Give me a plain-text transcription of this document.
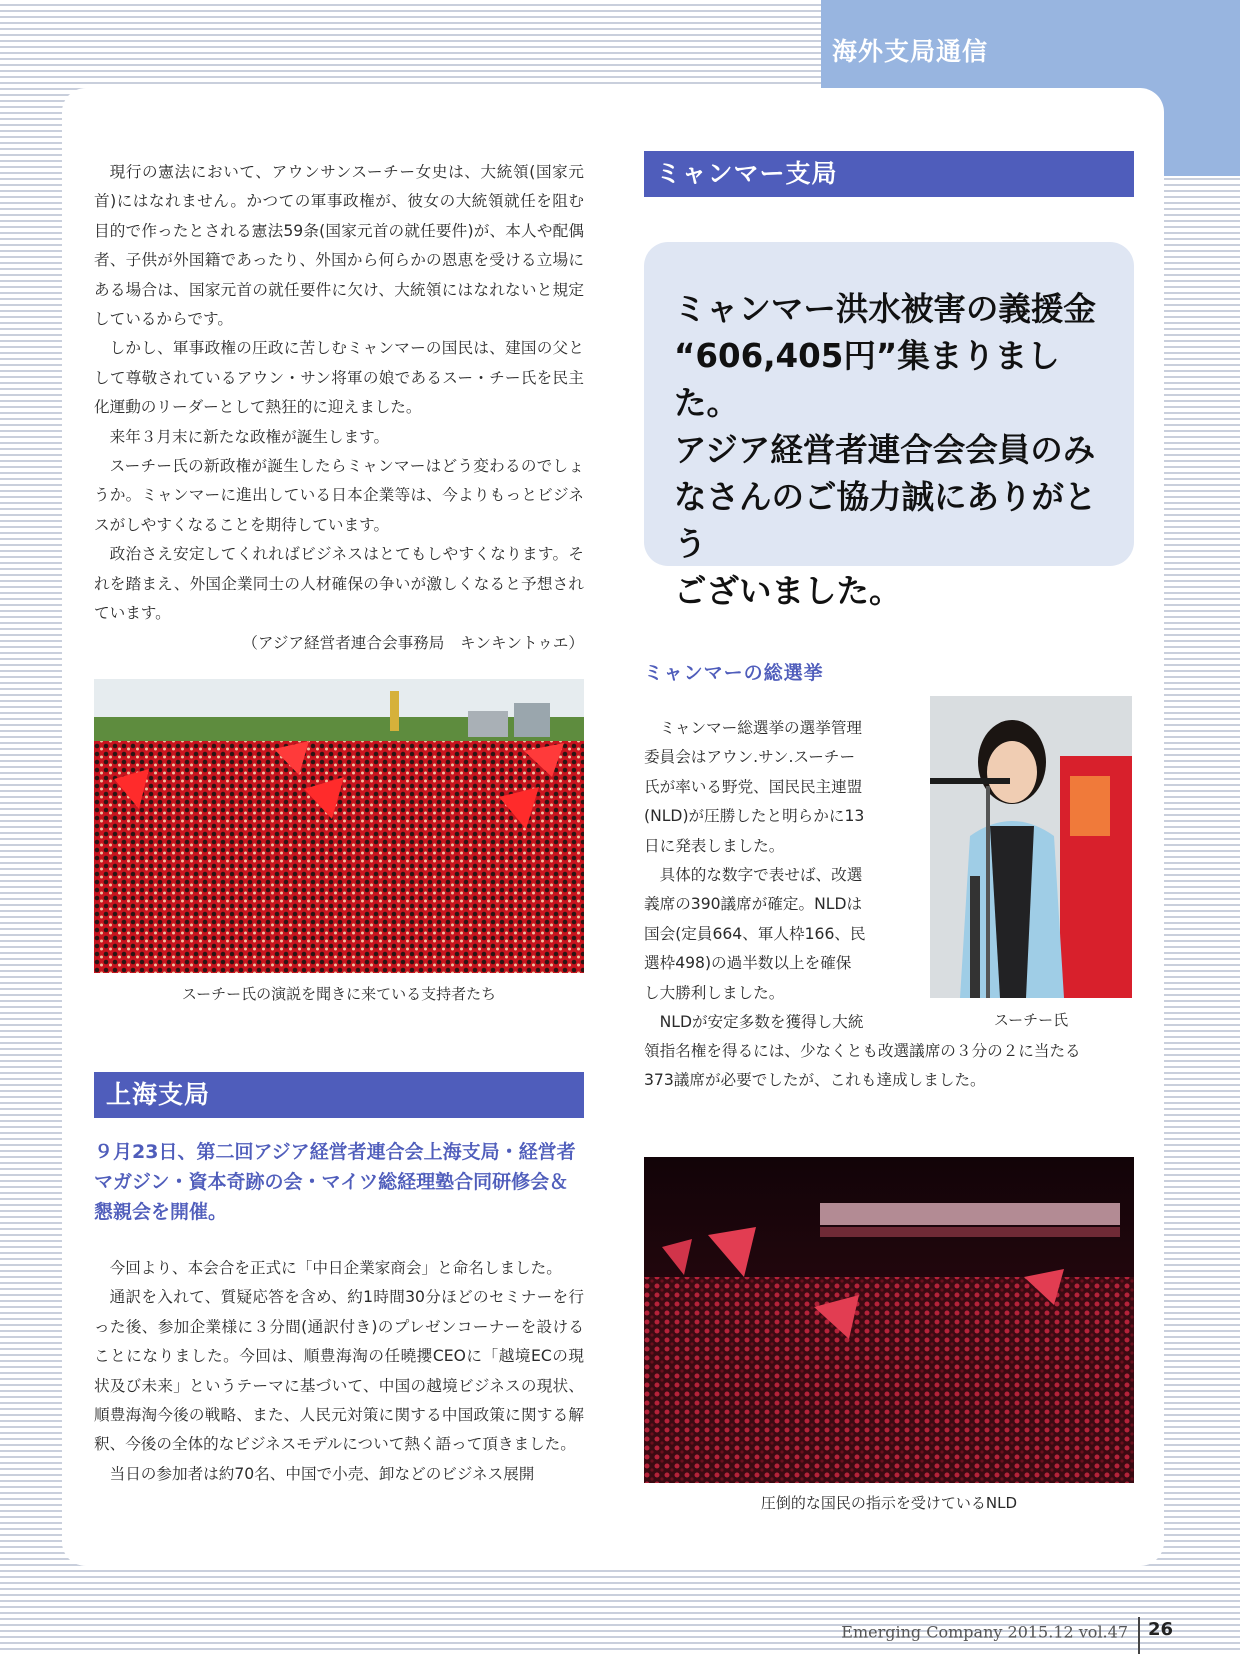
海外支局通信

現行の憲法において、アウンサンスーチー女史は、大統領(国家元首)にはなれません。かつての軍事政権が、彼女の大統領就任を阻む目的で作ったとされる憲法59条(国家元首の就任要件)が、本人や配偶者、子供が外国籍であったり、外国から何らかの恩恵を受ける立場にある場合は、国家元首の就任要件に欠け、大統領にはなれないと規定しているからです。

しかし、軍事政権の圧政に苦しむミャンマーの国民は、建国の父として尊敬されているアウン・サン将軍の娘であるスー・チー氏を民主化運動のリーダーとして熱狂的に迎えました。

来年３月末に新たな政権が誕生します。

スーチー氏の新政権が誕生したらミャンマーはどう変わるのでしょうか。ミャンマーに進出している日本企業等は、今よりもっとビジネスがしやすくなることを期待しています。

政治さえ安定してくれればビジネスはとてもしやすくなります。それを踏まえ、外国企業同士の人材確保の争いが激しくなると予想されています。

（アジア経営者連合会事務局　キンキントゥエ）

スーチー氏の演説を聞きに来ている支持者たち
上海支局

９月23日、第二回アジア経営者連合会上海支局・経営者マガジン・資本奇跡の会・マイツ総経理塾合同研修会＆懇親会を開催。

今回より、本会合を正式に「中日企業家商会」と命名しました。

通訳を入れて、質疑応答を含め、約1時間30分ほどのセミナーを行った後、参加企業様に３分間(通訳付き)のプレゼンコーナーを設けることになりました。今回は、順豊海淘の任曉攖CEOに「越境ECの現状及び未来」というテーマに基づいて、中国の越境ビジネスの現状、順豊海淘今後の戦略、また、人民元対策に関する中国政策に関する解釈、今後の全体的なビジネスモデルについて熱く語って頂きました。

当日の参加者は約70名、中国で小売、卸などのビジネス展開

ミャンマー支局

ミャンマー洪水被害の義援金

“606,405円”集まりました。

アジア経営者連合会会員のみ

なさんのご協力誠にありがとう

ございました。

ミャンマーの総選挙
ミャンマー総選挙の選挙管理
委員会はアウン.サン.スーチー
氏が率いる野党、国民民主連盟
(NLD)が圧勝したと明らかに13
日に発表しました。
具体的な数字で表せば、改選
義席の390議席が確定。NLDは
国会(定員664、軍人枠166、民
選枠498)の過半数以上を確保
し大勝利しました。
NLDが安定多数を獲得し大統
領指名権を得るには、少なくとも改選議席の３分の２に当たる
373議席が必要でしたが、これも達成しました。
スーチー氏
圧倒的な国民の指示を受けているNLD
Emerging Company 2015.12 vol.47 26
